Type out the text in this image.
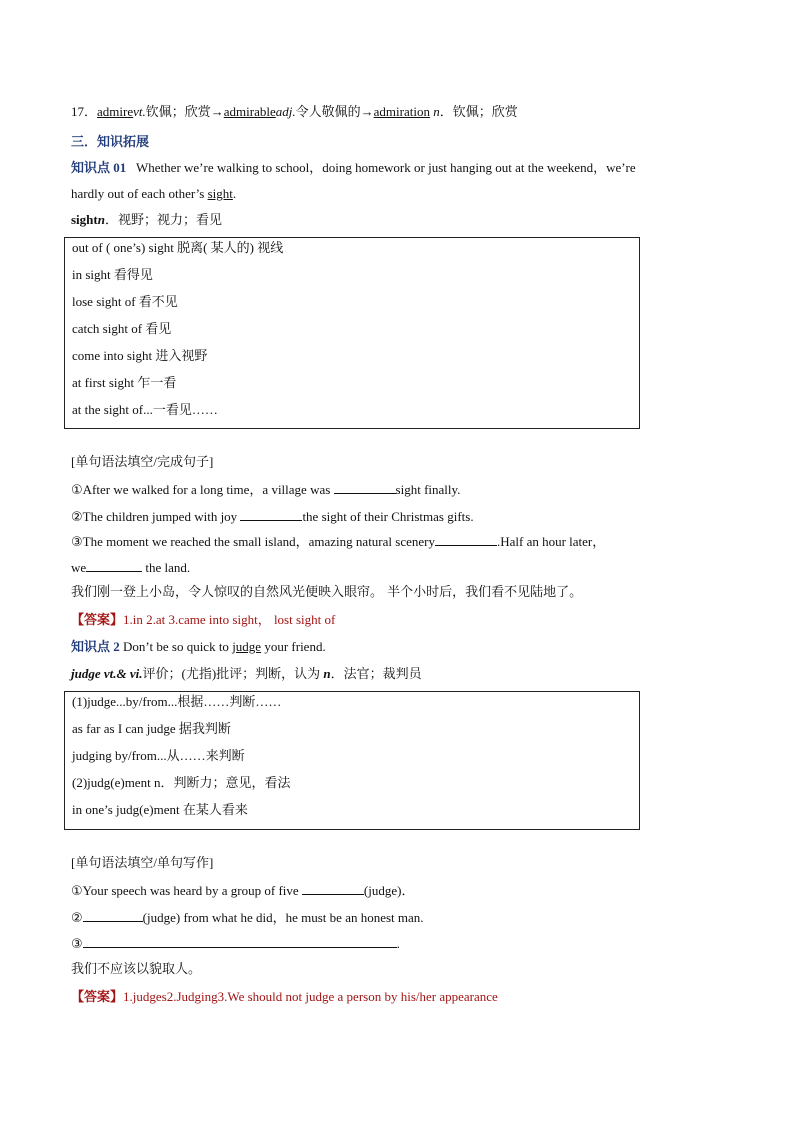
17．admirevt.钦佩；欣赏→admirableadj.令人敬佩的→admiration n．钦佩；欣赏
三．知识拓展
知识点 01 Whether we’re walking to school，doing homework or just hanging out at the weekend，we’re
hardly out of each other’s sight.
sightn．视野；视力；看见
out of ( one’s) sight 脱离( 某人的) 视线
in sight 看得见
lose sight of 看不见
catch sight of 看见
come into sight 进入视野
at first sight 乍一看
at the sight of...一看见……
[单句语法填空/完成句子]
①After we walked for a long time，a village was	sight finally.
②The children jumped with joy	the sight of their Christmas gifts.
③The moment we reached the small island，amazing natural scenery	.Half an hour later，
we	the land.
我们刚一登上小岛，令人惊叹的自然风光便映入眼帘。 半个小时后，我们看不见陆地了。
【答案】1.in 2.at 3.came into sight， lost sight of
知识点 2 Don’t be so quick to judge your friend.
judge vt.& vi.评价；(尤指)批评；判断，认为 n．法官；裁判员
(1)judge...by/from...根据……判断……
as far as I can judge 据我判断
judging by/from...从……来判断
(2)judg(e)ment n．判断力；意见，看法
in one’s judg(e)ment 在某人看来
[单句语法填空/单句写作]
①Your speech was heard by a group of five	(judge)．
②	(judge) from what he did，he must be an honest man.
③	.
我们不应该以貌取人。
【答案】1.judges2.Judging3.We should not judge a person by his/her appearance
